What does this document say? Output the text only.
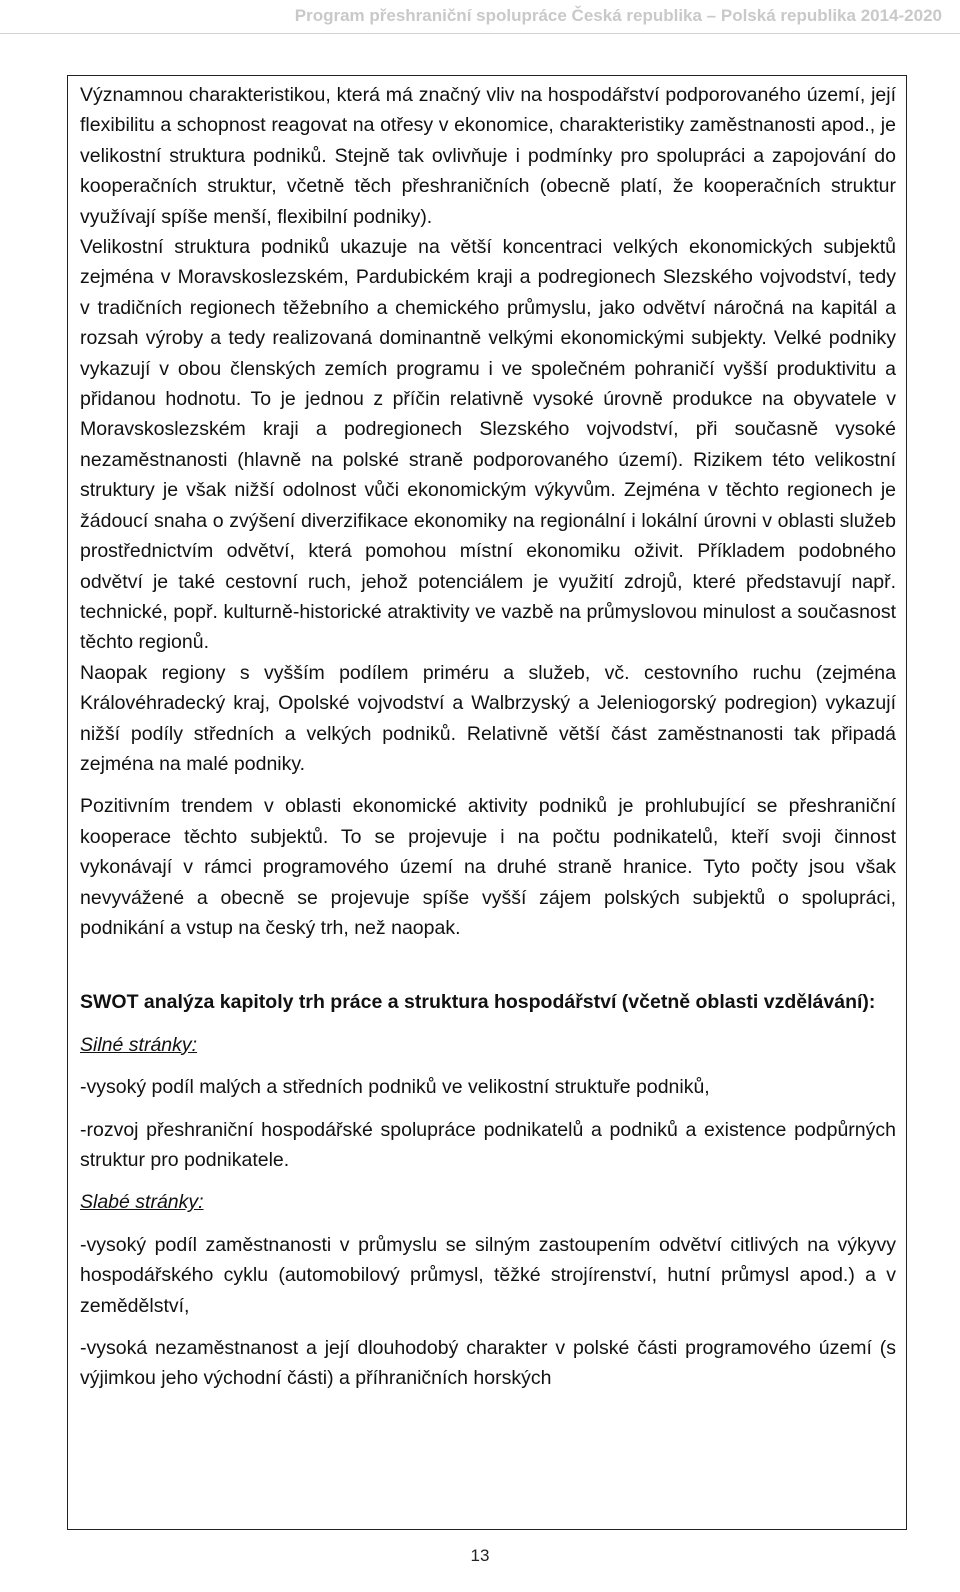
Program přeshraniční spolupráce Česká republika – Polská republika 2014-2020

Významnou charakteristikou, která má značný vliv na hospodářství podporovaného území, její flexibilitu a schopnost reagovat na otřesy v ekonomice, charakteristiky zaměstnanosti apod., je velikostní struktura podniků. Stejně tak ovlivňuje i podmínky pro spolupráci a zapojování do kooperačních struktur, včetně těch přeshraničních (obecně platí, že kooperačních struktur využívají spíše menší, flexibilní podniky).

Velikostní struktura podniků ukazuje na větší koncentraci velkých ekonomických subjektů zejména v Moravskoslezském, Pardubickém kraji a podregionech Slezského vojvodství, tedy v tradičních regionech těžebního a chemického průmyslu, jako odvětví náročná na kapitál a rozsah výroby a tedy realizovaná dominantně velkými ekonomickými subjekty. Velké podniky vykazují v obou členských zemích programu i ve společném pohraničí vyšší produktivitu a přidanou hodnotu. To je jednou z příčin relativně vysoké úrovně produkce na obyvatele v Moravskoslezském kraji a podregionech Slezského vojvodství, při současně vysoké nezaměstnanosti (hlavně na polské straně podporovaného území). Rizikem této velikostní struktury je však nižší odolnost vůči ekonomickým výkyvům. Zejména v těchto regionech je žádoucí snaha o zvýšení diverzifikace ekonomiky na regionální i lokální úrovni v oblasti služeb prostřednictvím odvětví, která pomohou místní ekonomiku oživit. Příkladem podobného odvětví je také cestovní ruch, jehož potenciálem je využití zdrojů, které představují např. technické, popř. kulturně-historické atraktivity ve vazbě na průmyslovou minulost a současnost těchto regionů.

Naopak regiony s vyšším podílem priméru a služeb, vč. cestovního ruchu (zejména Královéhradecký kraj, Opolské vojvodství a Walbrzyský a Jeleniogorský podregion) vykazují nižší podíly středních a velkých podniků. Relativně větší část zaměstnanosti tak připadá zejména na malé podniky.

Pozitivním trendem v oblasti ekonomické aktivity podniků je prohlubující se přeshraniční kooperace těchto subjektů. To se projevuje i na počtu podnikatelů, kteří svoji činnost vykonávají v rámci programového území na druhé straně hranice. Tyto počty jsou však nevyvážené a obecně se projevuje spíše vyšší zájem polských subjektů o spolupráci, podnikání a vstup na český trh, než naopak.

SWOT analýza kapitoly trh práce a struktura hospodářství (včetně oblasti vzdělávání):

Silné stránky:

-vysoký podíl malých a středních podniků ve velikostní struktuře podniků,

-rozvoj přeshraniční hospodářské spolupráce podnikatelů a podniků a existence podpůrných struktur pro podnikatele.

Slabé stránky:

-vysoký podíl zaměstnanosti v průmyslu se silným zastoupením odvětví citlivých na výkyvy hospodářského cyklu (automobilový průmysl, těžké strojírenství, hutní průmysl apod.) a v zemědělství,

-vysoká nezaměstnanost a její dlouhodobý charakter v polské části programového území (s výjimkou jeho východní části) a příhraničních horských

13
